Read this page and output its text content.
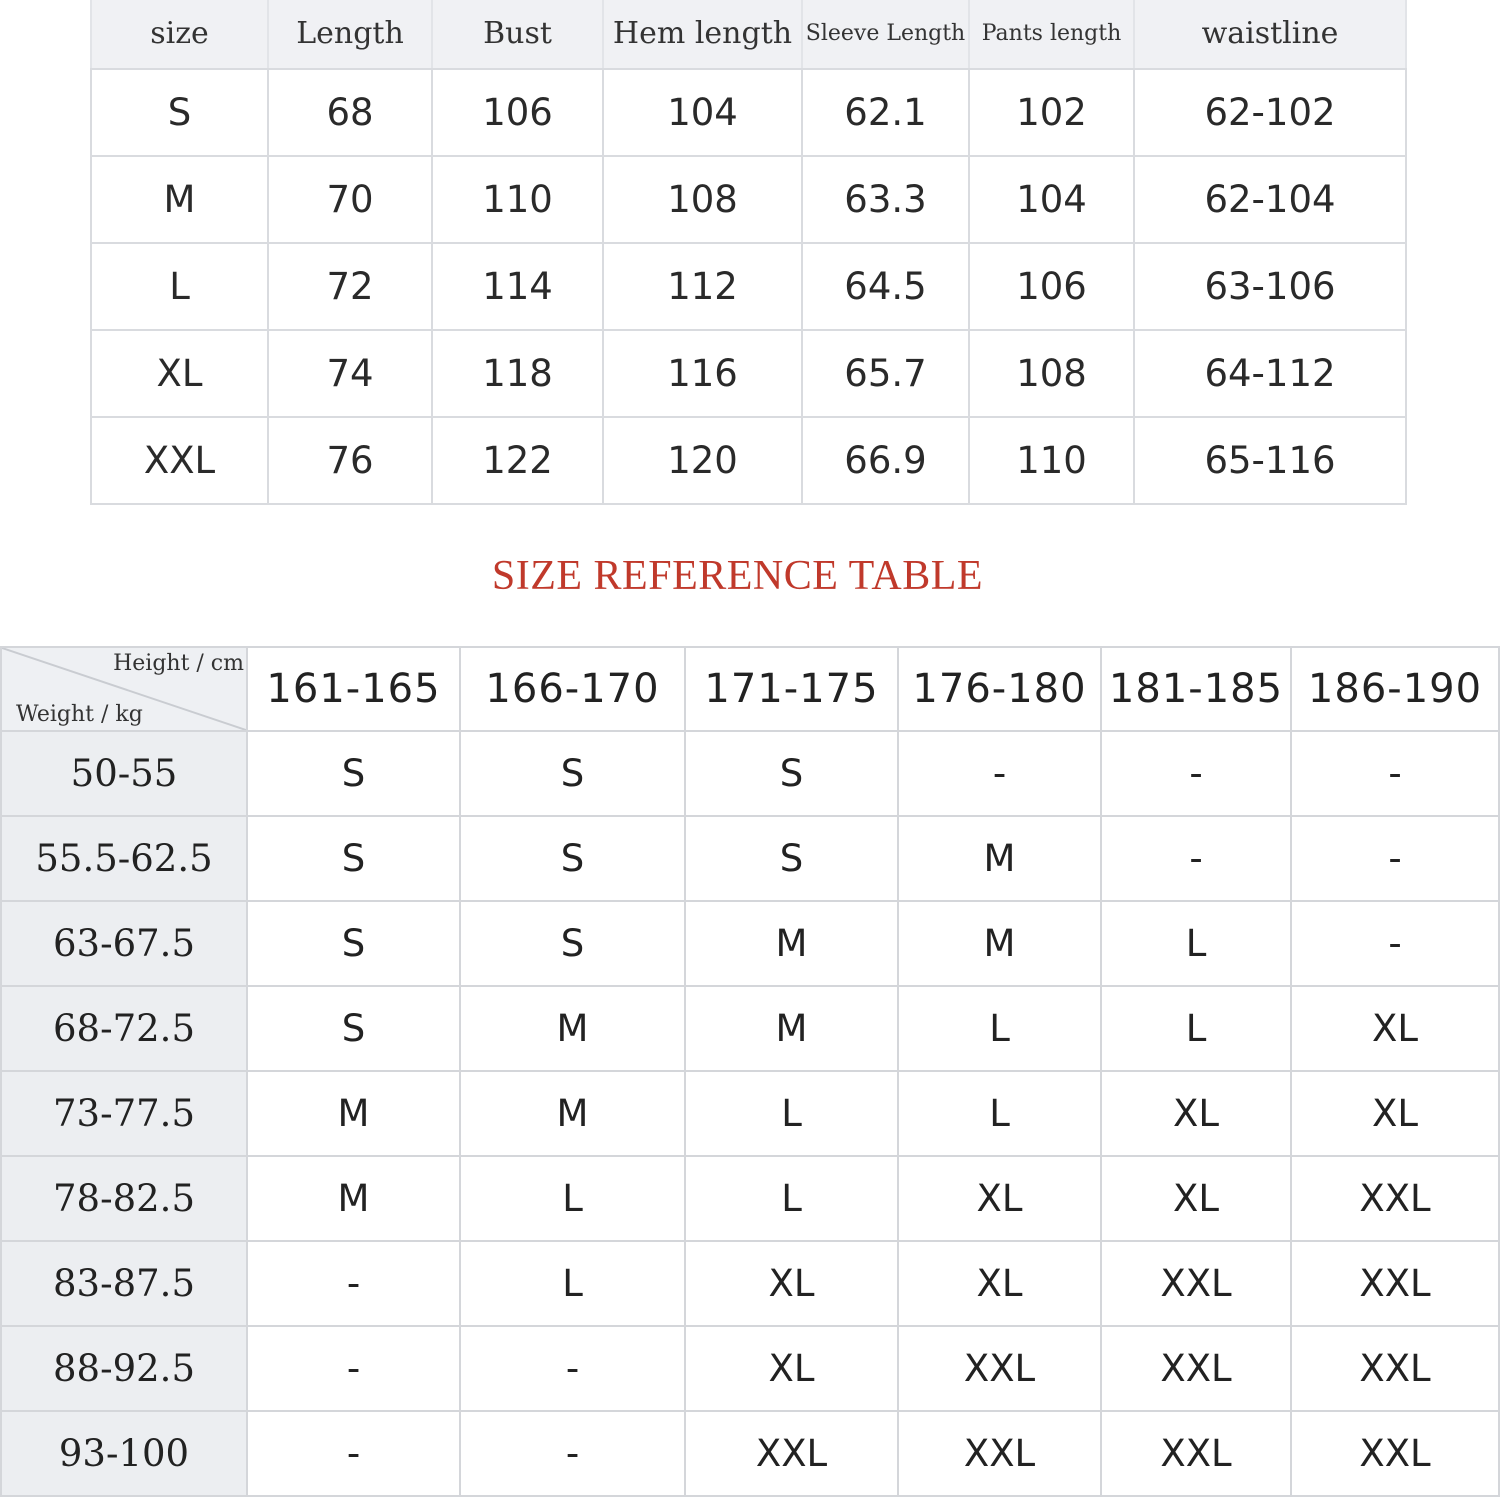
size	Length	Bust	Hem length	Sleeve Length	Pants length	waistline
S	68	106	104	62.1	102	62-102
M	70	110	108	63.3	104	62-104
L	72	114	112	64.5	106	63-106
XL	74	118	116	65.7	108	64-112
XXL	76	122	120	66.9	110	65-116
SIZE REFERENCE TABLE
Height / cm
Weight / kg	161-165	166-170	171-175	176-180	181-185	186-190
50-55	S	S	S	-	-	-
55.5-62.5	S	S	S	M	-	-
63-67.5	S	S	M	M	L	-
68-72.5	S	M	M	L	L	XL
73-77.5	M	M	L	L	XL	XL
78-82.5	M	L	L	XL	XL	XXL
83-87.5	-	L	XL	XL	XXL	XXL
88-92.5	-	-	XL	XXL	XXL	XXL
93-100	-	-	XXL	XXL	XXL	XXL
